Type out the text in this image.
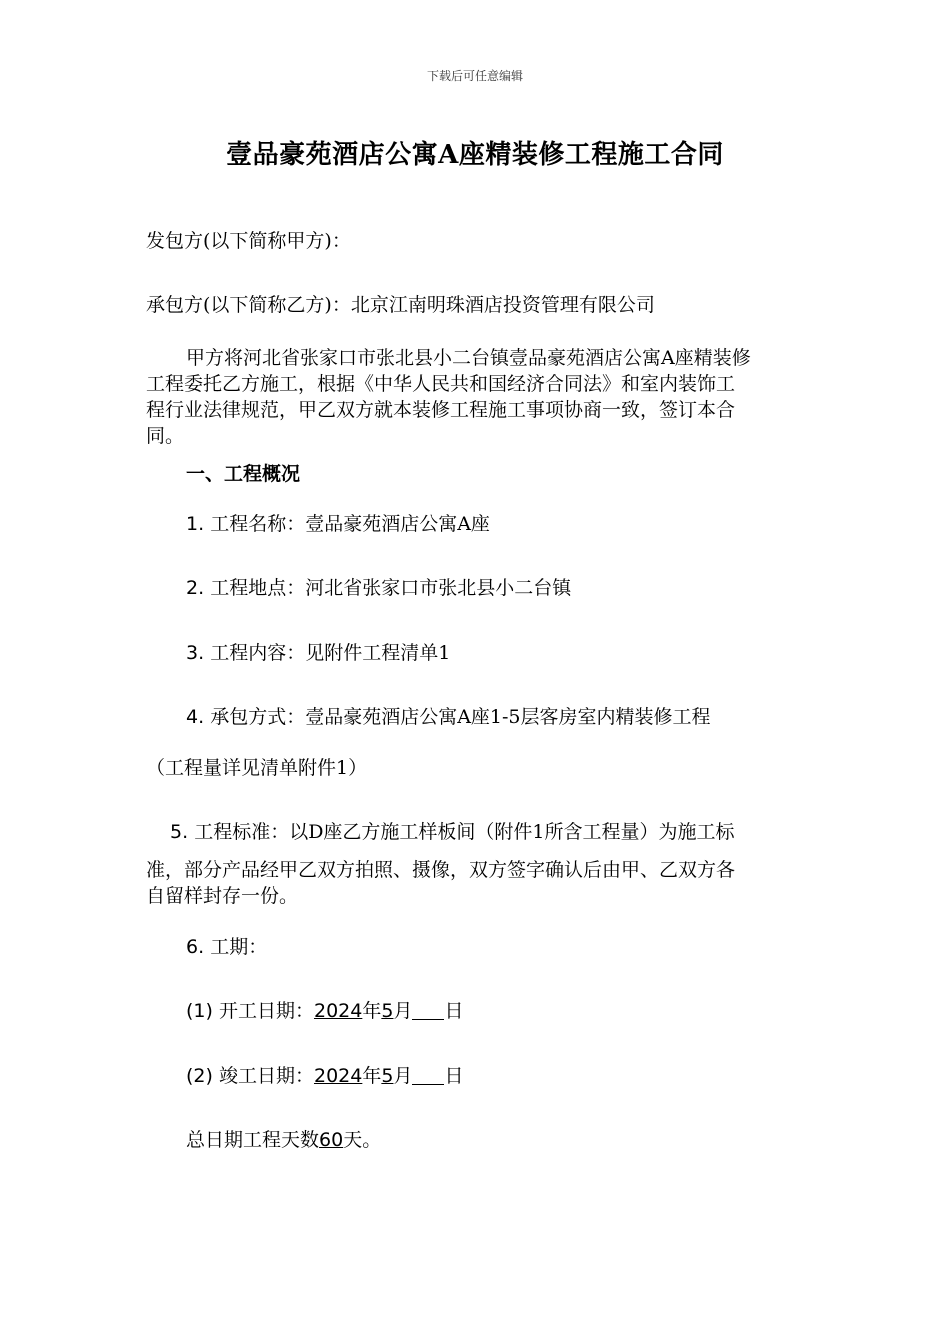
下载后可任意编辑
壹品豪苑酒店公寓A座精装修工程施工合同
发包方(以下简称甲方)：
承包方(以下简称乙方)：北京江南明珠酒店投资管理有限公司
甲方将河北省张家口市张北县小二台镇壹品豪苑酒店公寓A座精装修
工程委托乙方施工，根据《中华人民共和国经济合同法》和室内装饰工
程行业法律规范，甲乙双方就本装修工程施工事项协商一致，签订本合
同。
一、工程概况
1. 工程名称：壹品豪苑酒店公寓A座
2. 工程地点：河北省张家口市张北县小二台镇
3. 工程内容：见附件工程清单1
4. 承包方式：壹品豪苑酒店公寓A座1-5层客房室内精装修工程
（工程量详见清单附件1）
5. 工程标准：以D座乙方施工样板间（附件1所含工程量）为施工标
准，部分产品经甲乙双方拍照、摄像，双方签字确认后由甲、乙双方各
自留样封存一份。
6. 工期：
(1) 开工日期：2024年5月 日
(2) 竣工日期：2024年5月 日
总日期工程天数60天。
